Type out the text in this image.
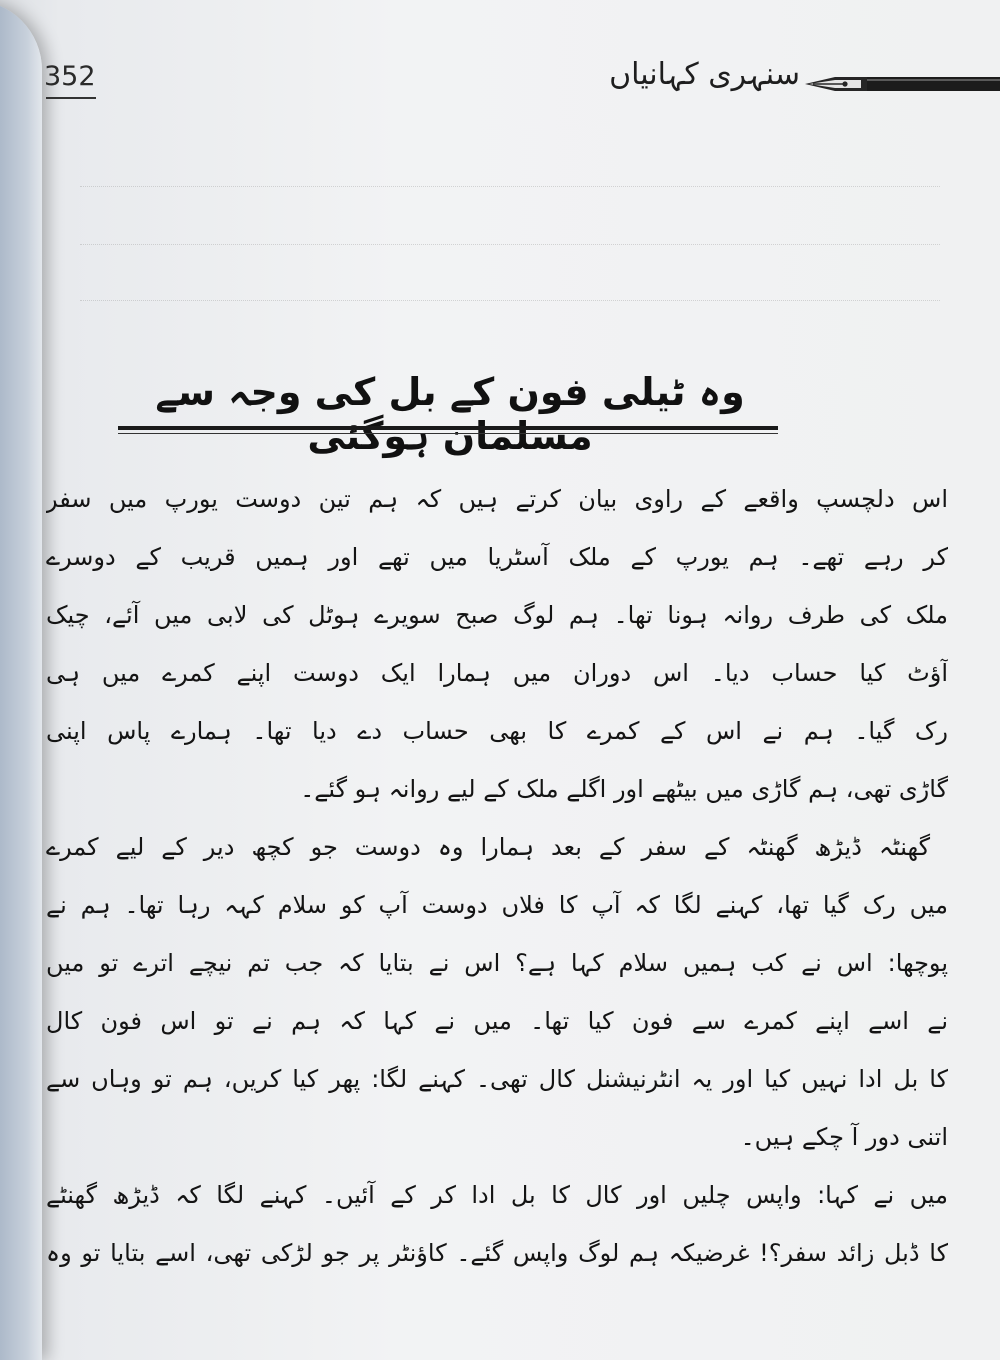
352	سنہری کہانیاں
وہ ٹیلی فون کے بل کی وجہ سے مسلمان ہوگئی
اس دلچسپ واقعے کے راوی بیان کرتے ہیں کہ ہم تین دوست یورپ میں سفر
کر رہے تھے۔ ہم یورپ کے ملک آسٹریا میں تھے اور ہمیں قریب کے دوسرے
ملک کی طرف روانہ ہونا تھا۔ ہم لوگ صبح سویرے ہوٹل کی لابی میں آئے، چیک
آؤٹ کیا حساب دیا۔ اس دوران میں ہمارا ایک دوست اپنے کمرے میں ہی
رک گیا۔ ہم نے اس کے کمرے کا بھی حساب دے دیا تھا۔ ہمارے پاس اپنی
گاڑی تھی، ہم گاڑی میں بیٹھے اور اگلے ملک کے لیے روانہ ہو گئے۔
گھنٹہ ڈیڑھ گھنٹہ کے سفر کے بعد ہمارا وہ دوست جو کچھ دیر کے لیے کمرے
میں رک گیا تھا، کہنے لگا کہ آپ کا فلاں دوست آپ کو سلام کہہ رہا تھا۔ ہم نے
پوچھا: اس نے کب ہمیں سلام کہا ہے؟ اس نے بتایا کہ جب تم نیچے اترے تو میں
نے اسے اپنے کمرے سے فون کیا تھا۔ میں نے کہا کہ ہم نے تو اس فون کال
کا بل ادا نہیں کیا اور یہ انٹرنیشنل کال تھی۔ کہنے لگا: پھر کیا کریں، ہم تو وہاں سے
اتنی دور آ چکے ہیں۔
میں نے کہا: واپس چلیں اور کال کا بل ادا کر کے آئیں۔ کہنے لگا کہ ڈیڑھ گھنٹے
کا ڈبل زائد سفر؟! غرضیکہ ہم لوگ واپس گئے۔ کاؤنٹر پر جو لڑکی تھی، اسے بتایا تو وہ
